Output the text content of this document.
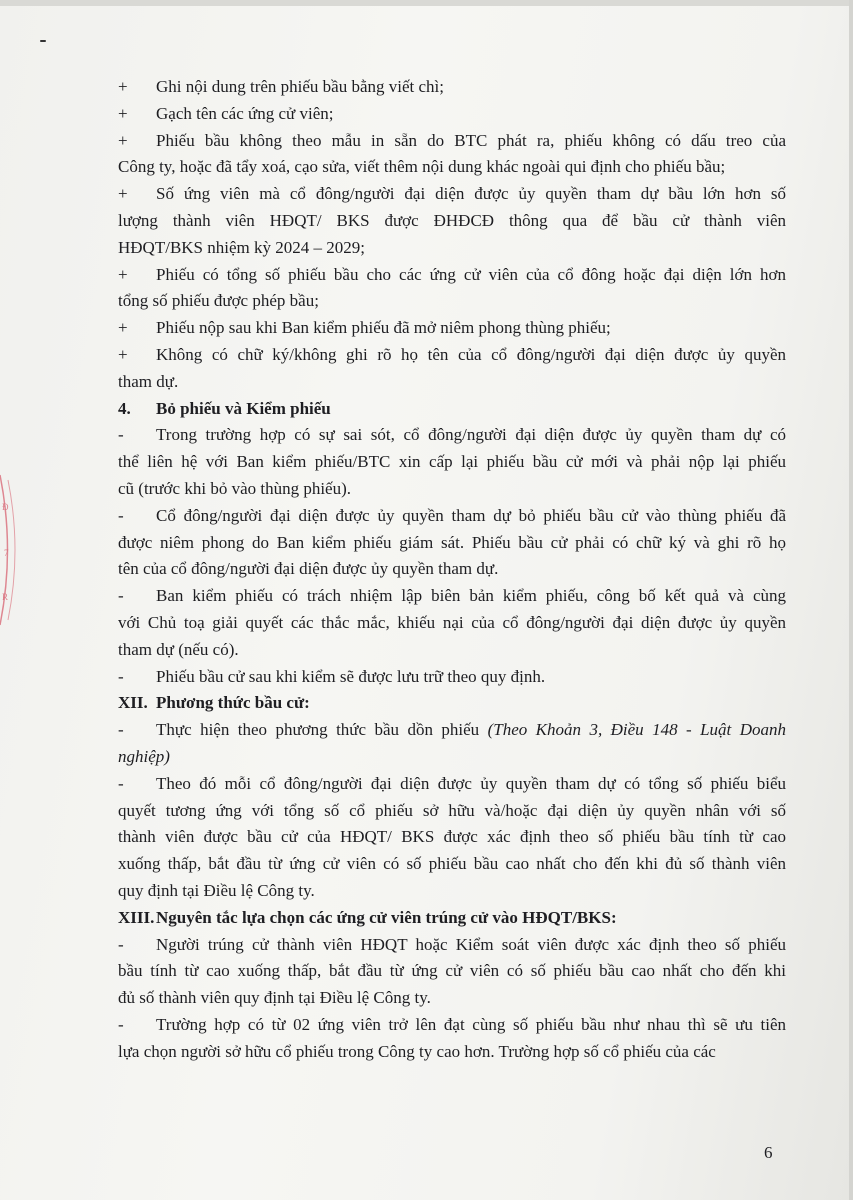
Đ
7
R

+ Ghi nội dung trên phiếu bầu bằng viết chì;

+ Gạch tên các ứng cử viên;

+ Phiếu bầu không theo mẫu in sẵn do BTC phát ra, phiếu không có dấu treo của

Công ty, hoặc đã tẩy xoá, cạo sửa, viết thêm nội dung khác ngoài qui định cho phiếu bầu;

+ Số ứng viên mà cổ đông/người đại diện được ủy quyền tham dự bầu lớn hơn số

lượng thành viên HĐQT/ BKS được ĐHĐCĐ thông qua để bầu cử thành viên

HĐQT/BKS nhiệm kỳ 2024 – 2029;

+ Phiếu có tổng số phiếu bầu cho các ứng cử viên của cổ đông hoặc đại diện lớn hơn

tổng số phiếu được phép bầu;

+ Phiếu nộp sau khi Ban kiểm phiếu đã mở niêm phong thùng phiếu;

+ Không có chữ ký/không ghi rõ họ tên của cổ đông/người đại diện được ủy quyền

tham dự.

4. Bỏ phiếu và Kiểm phiếu

- Trong trường hợp có sự sai sót, cổ đông/người đại diện được ủy quyền tham dự có

thể liên hệ với Ban kiểm phiếu/BTC xin cấp lại phiếu bầu cử mới và phải nộp lại phiếu

cũ (trước khi bỏ vào thùng phiếu).

- Cổ đông/người đại diện được ủy quyền tham dự bỏ phiếu bầu cử vào thùng phiếu đã

được niêm phong do Ban kiểm phiếu giám sát. Phiếu bầu cử phải có chữ ký và ghi rõ họ

tên của cổ đông/người đại diện được ủy quyền tham dự.

- Ban kiểm phiếu có trách nhiệm lập biên bản kiểm phiếu, công bố kết quả và cùng

với Chủ toạ giải quyết các thắc mắc, khiếu nại của cổ đông/người đại diện được ủy quyền

tham dự (nếu có).

- Phiếu bầu cử sau khi kiểm sẽ được lưu trữ theo quy định.

XII. Phương thức bầu cử:

- Thực hiện theo phương thức bầu dồn phiếu (Theo Khoản 3, Điều 148 - Luật Doanh

nghiệp)

- Theo đó mỗi cổ đông/người đại diện được ủy quyền tham dự có tổng số phiếu biểu

quyết tương ứng với tổng số cổ phiếu sở hữu và/hoặc đại diện ủy quyền nhân với số

thành viên được bầu cử của HĐQT/ BKS được xác định theo số phiếu bầu tính từ cao

xuống thấp, bắt đầu từ ứng cử viên có số phiếu bầu cao nhất cho đến khi đủ số thành viên

quy định tại Điều lệ Công ty.

XIII.Nguyên tắc lựa chọn các ứng cử viên trúng cử vào HĐQT/BKS:

- Người trúng cử thành viên HĐQT hoặc Kiểm soát viên được xác định theo số phiếu

bầu tính từ cao xuống thấp, bắt đầu từ ứng cử viên có số phiếu bầu cao nhất cho đến khi

đủ số thành viên quy định tại Điều lệ Công ty.

- Trường hợp có từ 02 ứng viên trở lên đạt cùng số phiếu bầu như nhau thì sẽ ưu tiên

lựa chọn người sở hữu cổ phiếu trong Công ty cao hơn. Trường hợp số cổ phiếu của các

6
